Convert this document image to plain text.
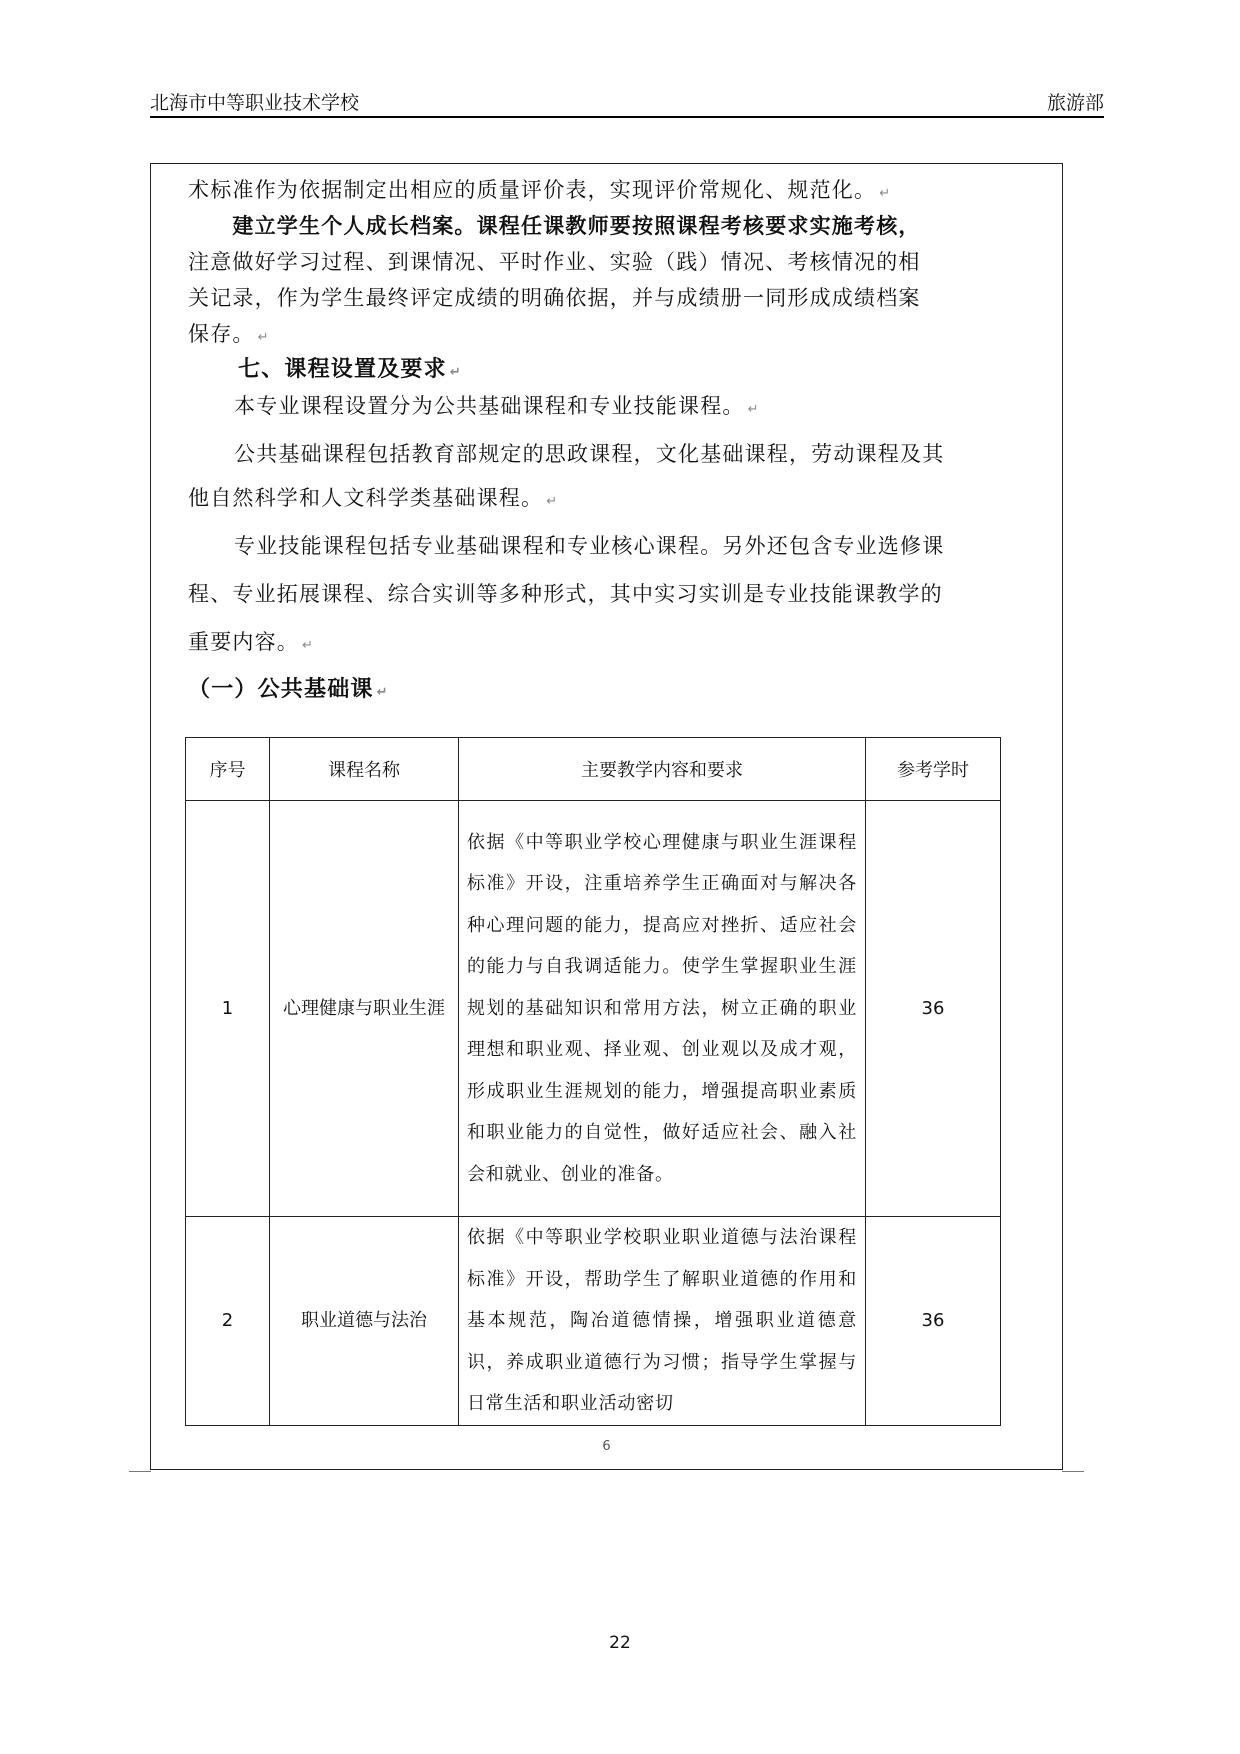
北海市中等职业技术学校	旅游部
术标准作为依据制定出相应的质量评价表，实现评价常规化、规范化。 ↵
　　建立学生个人成长档案。课程任课教师要按照课程考核要求实施考核，
注意做好学习过程、到课情况、平时作业、实验（践）情况、考核情况的相
关记录，作为学生最终评定成绩的明确依据，并与成绩册一同形成成绩档案
保存。 ↵
七、课程设置及要求 ↵
本专业课程设置分为公共基础课程和专业技能课程。 ↵
公共基础课程包括教育部规定的思政课程，文化基础课程，劳动课程及其
他自然科学和人文科学类基础课程。 ↵
专业技能课程包括专业基础课程和专业核心课程。另外还包含专业选修课
程、专业拓展课程、综合实训等多种形式，其中实习实训是专业技能课教学的
重要内容。 ↵
（一）公共基础课 ↵
序号	课程名称	主要教学内容和要求	参考学时
1	心理健康与职业生涯	依据《中等职业学校心理健康与职业生涯课程标准》开设，注重培养学生正确面对与解决各种心理问题的能力，提高应对挫折、适应社会的能力与自我调适能力。使学生掌握职业生涯规划的基础知识和常用方法，树立正确的职业理想和职业观、择业观、创业观以及成才观，形成职业生涯规划的能力，增强提高职业素质和职业能力的自觉性，做好适应社会、融入社会和就业、创业的准备。	36
2	职业道德与法治	依据《中等职业学校职业职业道德与法治课程标准》开设，帮助学生了解职业道德的作用和基本规范，陶冶道德情操，增强职业道德意识，养成职业道德行为习惯；指导学生掌握与日常生活和职业活动密切	36
6
22
